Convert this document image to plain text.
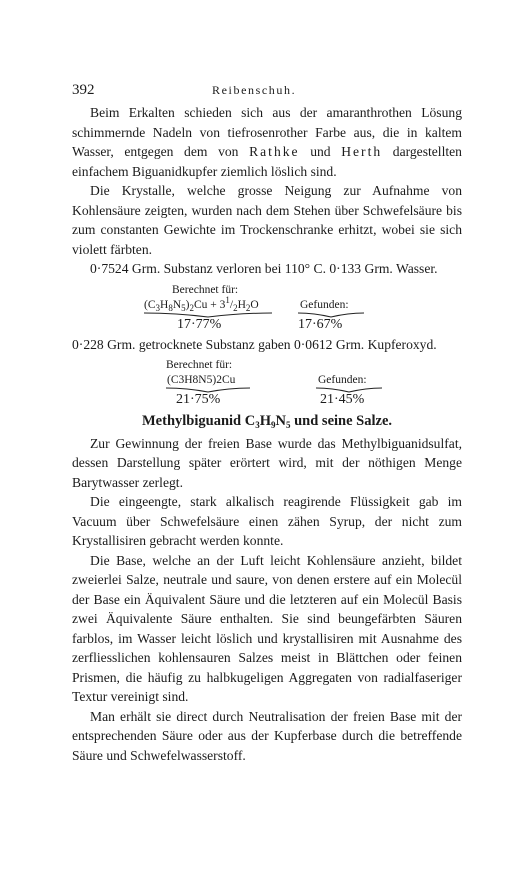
392	Reibenschuh.

Beim Erkalten schieden sich aus der amaranthrothen Lösung schimmernde Nadeln von tiefrosenrother Farbe aus, die in kaltem Wasser, entgegen dem von Rathke und Herth dargestellten einfachem Biguanidkupfer ziemlich löslich sind.

Die Krystalle, welche grosse Neigung zur Aufnahme von Kohlensäure zeigten, wurden nach dem Stehen über Schwefelsäure bis zum constanten Gewichte im Trockenschranke erhitzt, wobei sie sich violett färbten.

0·7524 Grm. Substanz verloren bei 110° C. 0·133 Grm. Wasser.

Berechnet für:
$(C_3H_8N_5)_2Cu + 3^1/_2H_2O$	Gefunden:
17·77%	17·67%

0·228 Grm. getrocknete Substanz gaben 0·0612 Grm. Kupferoxyd.

Berechnet für:
(C3H8N5)2Cu	Gefunden:
21·75%	21·45%
Methylbiguanid $C_3H_9N_5$ und seine Salze.

Zur Gewinnung der freien Base wurde das Methylbiguanidsulfat, dessen Darstellung später erörtert wird, mit der nöthigen Menge Barytwasser zerlegt.

Die eingeengte, stark alkalisch reagirende Flüssigkeit gab im Vacuum über Schwefelsäure einen zähen Syrup, der nicht zum Krystallisiren gebracht werden konnte.

Die Base, welche an der Luft leicht Kohlensäure anzieht, bildet zweierlei Salze, neutrale und saure, von denen erstere auf ein Molecül der Base ein Äquivalent Säure und die letzteren auf ein Molecül Basis zwei Äquivalente Säure enthalten. Sie sind beungefärbten Säuren farblos, im Wasser leicht löslich und krystallisiren mit Ausnahme des zerfliesslichen kohlensauren Salzes meist in Blättchen oder feinen Prismen, die häufig zu halbkugeligen Aggregaten von radialfaseriger Textur vereinigt sind.

Man erhält sie direct durch Neutralisation der freien Base mit der entsprechenden Säure oder aus der Kupferbase durch die betreffende Säure und Schwefelwasserstoff.
